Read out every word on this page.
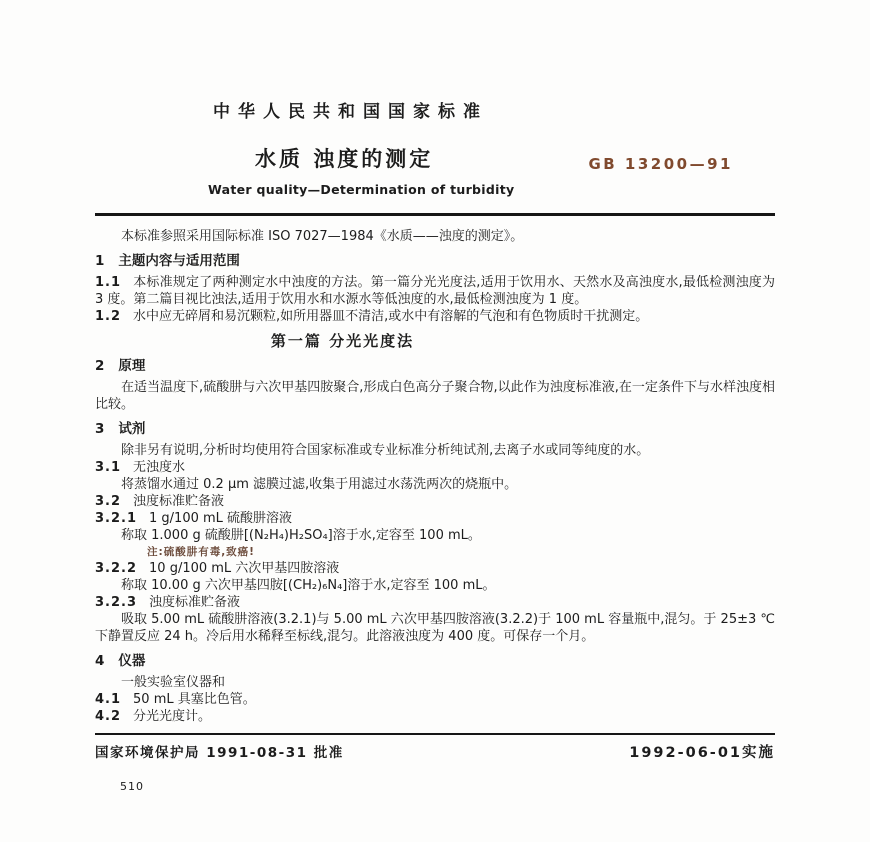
中华人民共和国国家标准
水质 浊度的测定	GB 13200—91
Water quality—Determination of turbidity

本标准参照采用国际标准 ISO 7027—1984《水质——浊度的测定》。

1 主题内容与适用范围

1.1 本标准规定了两种测定水中浊度的方法。第一篇分光光度法,适用于饮用水、天然水及高浊度水,最低检测浊度为 3 度。第二篇目视比浊法,适用于饮用水和水源水等低浊度的水,最低检测浊度为 1 度。

1.2 水中应无碎屑和易沉颗粒,如所用器皿不清洁,或水中有溶解的气泡和有色物质时干扰测定。

第一篇 分光光度法

2 原理

在适当温度下,硫酸肼与六次甲基四胺聚合,形成白色高分子聚合物,以此作为浊度标准液,在一定条件下与水样浊度相比较。

3 试剂

除非另有说明,分析时均使用符合国家标准或专业标准分析纯试剂,去离子水或同等纯度的水。

3.1 无浊度水

将蒸馏水通过 0.2 μm 滤膜过滤,收集于用滤过水荡洗两次的烧瓶中。

3.2 浊度标准贮备液

3.2.1 1 g/100 mL 硫酸肼溶液

称取 1.000 g 硫酸肼[(N₂H₄)H₂SO₄]溶于水,定容至 100 mL。

注:硫酸肼有毒,致癌!

3.2.2 10 g/100 mL 六次甲基四胺溶液

称取 10.00 g 六次甲基四胺[(CH₂)₆N₄]溶于水,定容至 100 mL。

3.2.3 浊度标准贮备液

吸取 5.00 mL 硫酸肼溶液(3.2.1)与 5.00 mL 六次甲基四胺溶液(3.2.2)于 100 mL 容量瓶中,混匀。于 25±3 ℃ 下静置反应 24 h。冷后用水稀释至标线,混匀。此溶液浊度为 400 度。可保存一个月。

4 仪器

一般实验室仪器和

4.1 50 mL 具塞比色管。

4.2 分光光度计。

国家环境保护局 1991-08-31 批准	1992-06-01实施
510
